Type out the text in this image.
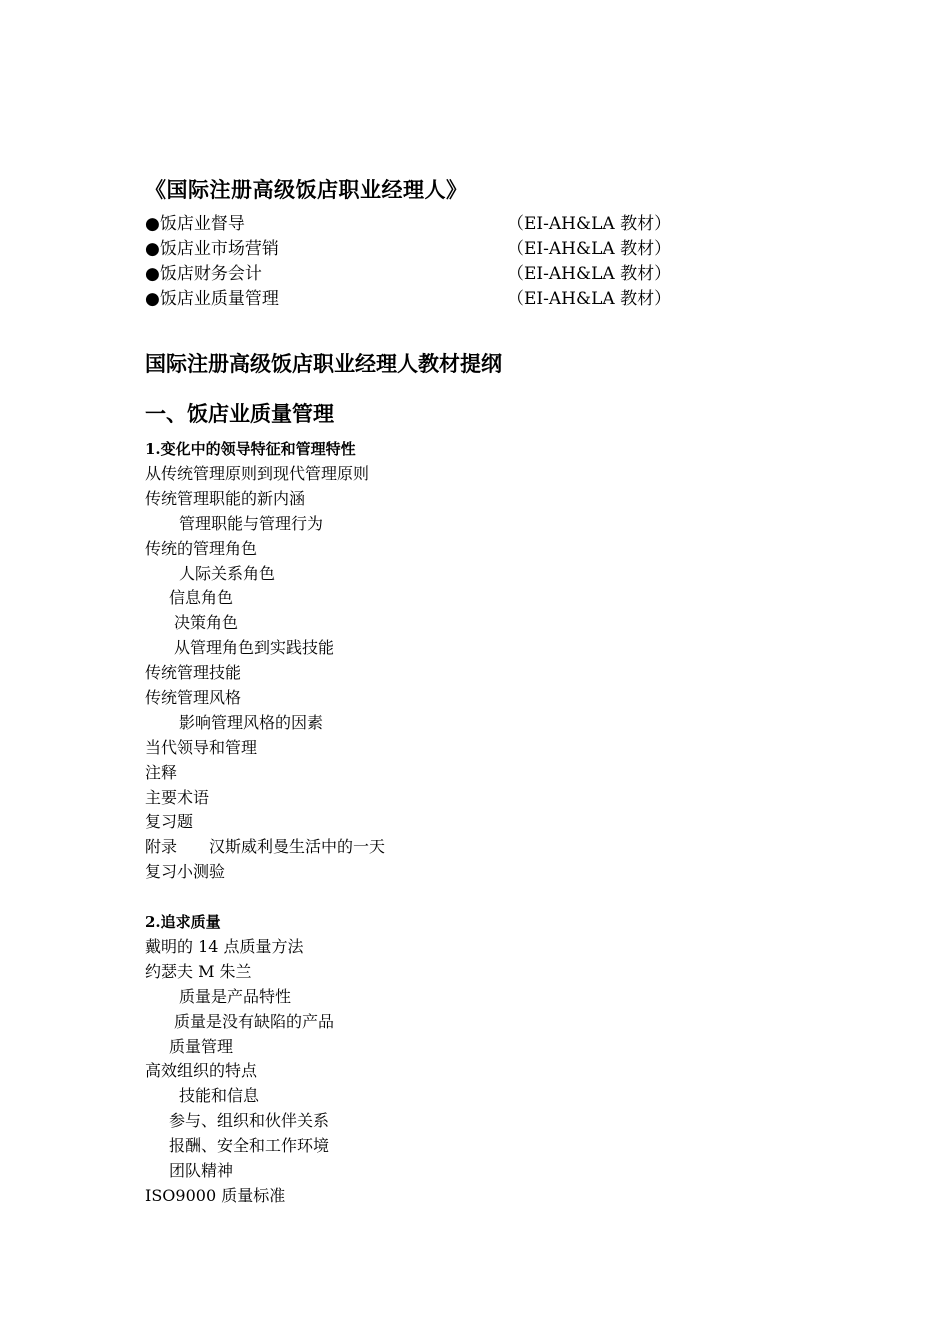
《国际注册高级饭店职业经理人》
●饭店业督导	（EI-AH&LA 教材）
●饭店业市场营销	（EI-AH&LA 教材）
●饭店财务会计	（EI-AH&LA 教材）
●饭店业质量管理	（EI-AH&LA 教材）
国际注册高级饭店职业经理人教材提纲
一、饭店业质量管理
1.变化中的领导特征和管理特性
从传统管理原则到现代管理原则
传统管理职能的新内涵
管理职能与管理行为
传统的管理角色
人际关系角色
信息角色
决策角色
从管理角色到实践技能
传统管理技能
传统管理风格
影响管理风格的因素
当代领导和管理
注释
主要术语
复习题
附录　　汉斯威利曼生活中的一天
复习小测验
2.追求质量
戴明的 14 点质量方法
约瑟夫 M 朱兰
质量是产品特性
质量是没有缺陷的产品
质量管理
高效组织的特点
技能和信息
参与、组织和伙伴关系
报酬、安全和工作环境
团队精神
ISO9000 质量标准
